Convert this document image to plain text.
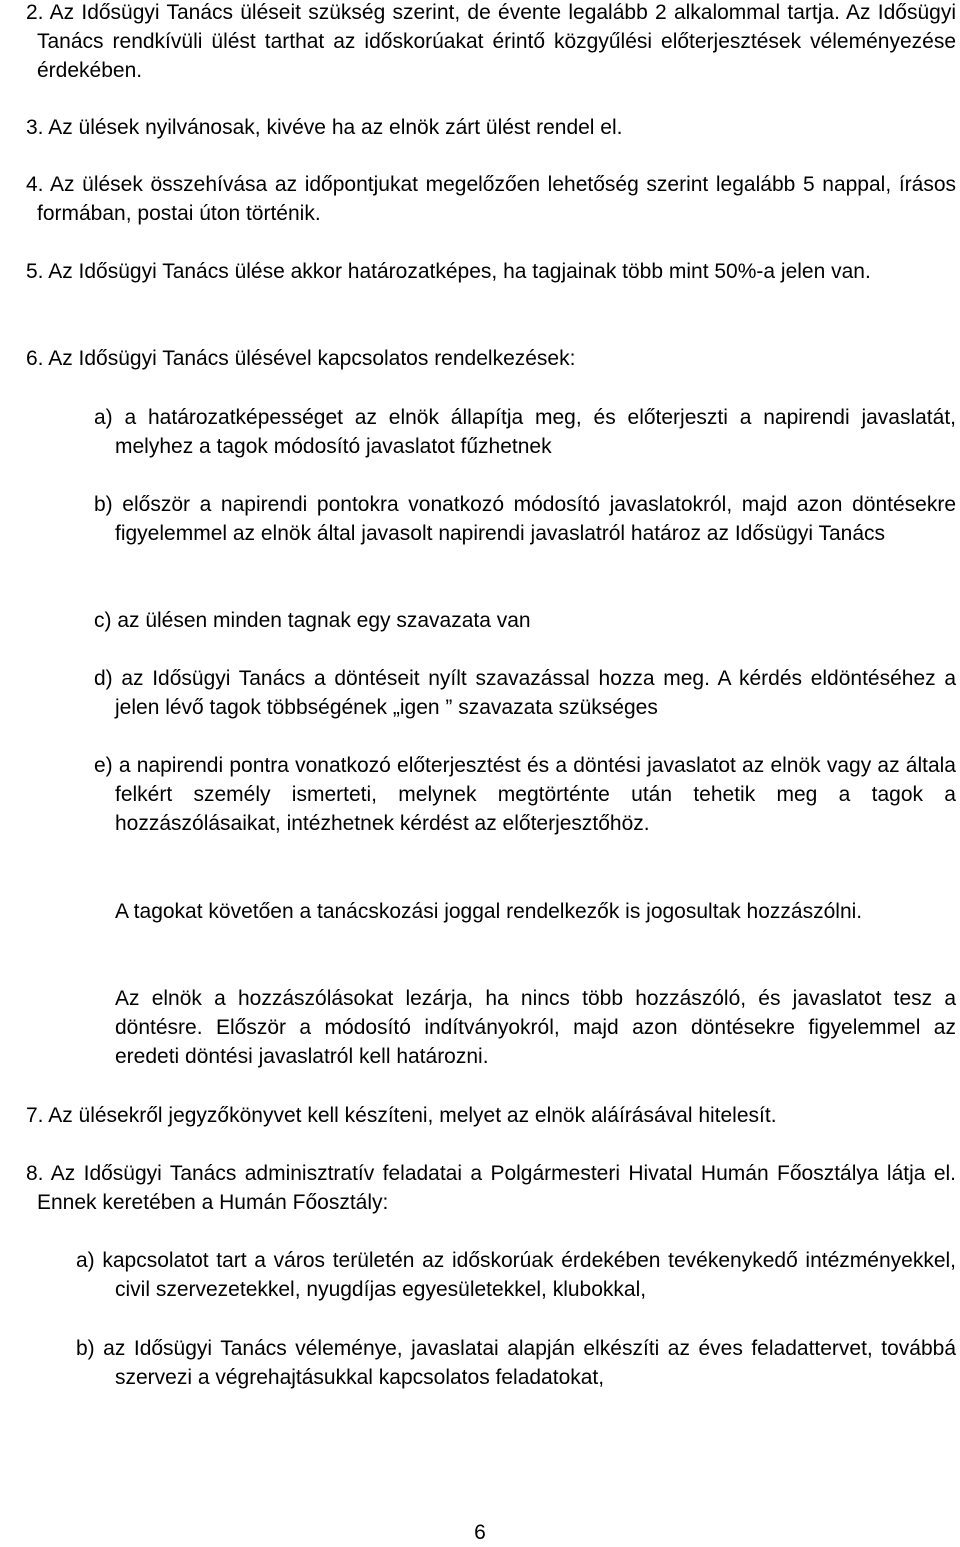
2. Az Idősügyi Tanács üléseit szükség szerint, de évente legalább 2 alkalommal tartja. Az Idősügyi Tanács rendkívüli ülést tarthat az időskorúakat érintő közgyűlési előterjesztések véleményezése érdekében.

3. Az ülések nyilvánosak, kivéve ha az elnök zárt ülést rendel el.

4. Az ülések összehívása az időpontjukat megelőzően lehetőség szerint legalább 5 nappal, írásos formában, postai úton történik.

5. Az Idősügyi Tanács ülése akkor határozatképes, ha tagjainak több mint 50%-a jelen van.

6. Az Idősügyi Tanács ülésével kapcsolatos rendelkezések:

a) a határozatképességet az elnök állapítja meg, és előterjeszti a napirendi javaslatát, melyhez a tagok módosító javaslatot fűzhetnek

b) először a napirendi pontokra vonatkozó módosító javaslatokról, majd azon döntésekre figyelemmel az elnök által javasolt napirendi javaslatról határoz az Idősügyi Tanács

c) az ülésen minden tagnak egy szavazata van

d) az Idősügyi Tanács a döntéseit nyílt szavazással hozza meg. A kérdés eldöntéséhez a jelen lévő tagok többségének „igen ” szavazata szükséges

e) a napirendi pontra vonatkozó előterjesztést és a döntési javaslatot az elnök vagy az általa felkért személy ismerteti, melynek megtörténte után tehetik meg a tagok a hozzászólásaikat, intézhetnek kérdést az előterjesztőhöz.

A tagokat követően a tanácskozási joggal rendelkezők is jogosultak hozzászólni.

Az elnök a hozzászólásokat lezárja, ha nincs több hozzászóló, és javaslatot tesz a döntésre. Először a módosító indítványokról, majd azon döntésekre figyelemmel az eredeti döntési javaslatról kell határozni.

7. Az ülésekről jegyzőkönyvet kell készíteni, melyet az elnök aláírásával hitelesít.

8. Az Idősügyi Tanács adminisztratív feladatai a Polgármesteri Hivatal Humán Főosztálya látja el. Ennek keretében a Humán Főosztály:

a) kapcsolatot tart a város területén az időskorúak érdekében tevékenykedő intézményekkel, civil szervezetekkel, nyugdíjas egyesületekkel, klubokkal,

b) az Idősügyi Tanács véleménye, javaslatai alapján elkészíti az éves feladattervet, továbbá szervezi a végrehajtásukkal kapcsolatos feladatokat,

6
